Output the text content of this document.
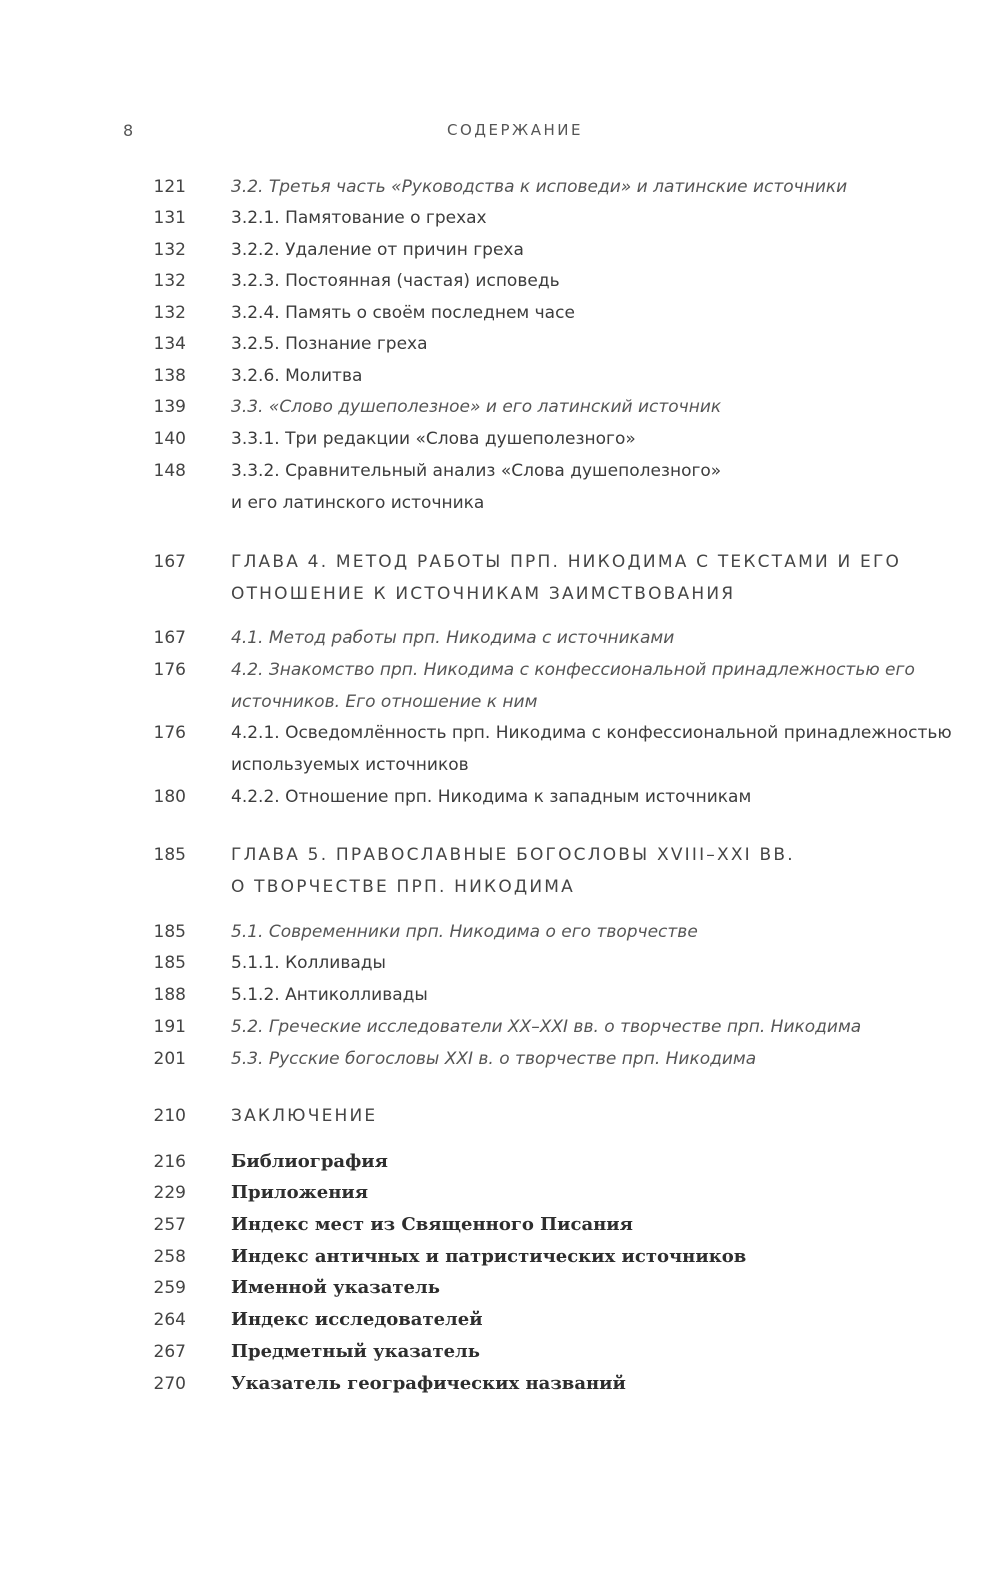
8	СОДЕРЖАНИЕ
121	3.2. Третья часть «Руководства к исповеди» и латинские источники
131	3.2.1. Памятование о грехах
132	3.2.2. Удаление от причин греха
132	3.2.3. Постоянная (частая) исповедь
132	3.2.4. Память о своём последнем часе
134	3.2.5. Познание греха
138	3.2.6. Молитва
139	3.3. «Слово душеполезное» и его латинский источник
140	3.3.1. Три редакции «Слова душеполезного»
148	3.3.2. Сравнительный анализ «Слова душеполезного»
и его латинского источника
167	ГЛАВА 4. МЕТОД РАБОТЫ ПРП. НИКОДИМА С ТЕКСТАМИ И ЕГО
ОТНОШЕНИЕ К ИСТОЧНИКАМ ЗАИМСТВОВАНИЯ
167	4.1. Метод работы прп. Никодима с источниками
176	4.2. Знакомство прп. Никодима с конфессиональной принадлежностью его
источников. Его отношение к ним
176	4.2.1. Осведомлённость прп. Никодима с конфессиональной принадлежностью
используемых источников
180	4.2.2. Отношение прп. Никодима к западным источникам
185	ГЛАВА 5. ПРАВОСЛАВНЫЕ БОГОСЛОВЫ XVIII–XXI ВВ.
О ТВОРЧЕСТВЕ ПРП. НИКОДИМА
185	5.1. Современники прп. Никодима о его творчестве
185	5.1.1. Колливады
188	5.1.2. Антиколливады
191	5.2. Греческие исследователи XX–XXI вв. о творчестве прп. Никодима
201	5.3. Русские богословы XXI в. о творчестве прп. Никодима
210	ЗАКЛЮЧЕНИЕ
216	Библиография
229	Приложения
257	Индекс мест из Священного Писания
258	Индекс античных и патристических источников
259	Именной указатель
264	Индекс исследователей
267	Предметный указатель
270	Указатель географических названий
